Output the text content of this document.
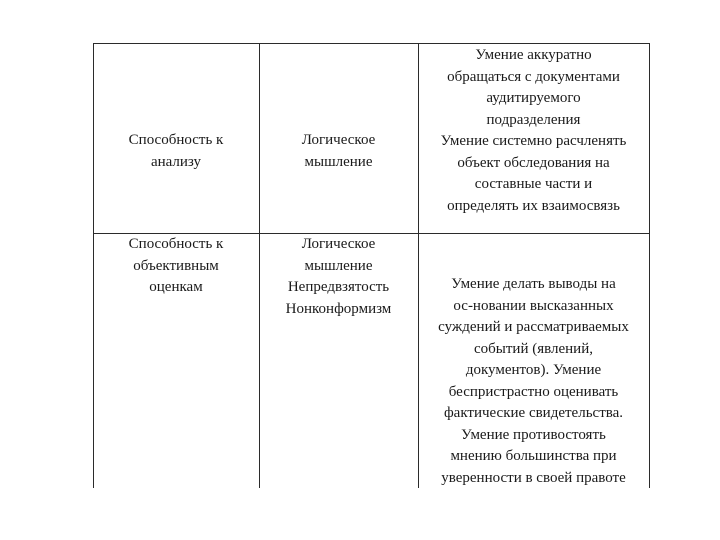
Способность к
анализу
Логическое
мышление
Умение аккуратно
обращаться с документами
аудитируемого
подразделения
Умение системно расчленять
объект обследования на
составные части и
определять их взаимосвязь
Способность к
объективным
оценкам
Логическое
мышление
Непредвзятость
Нонконформизм
Умение делать выводы на
ос-новании высказанных
суждений и рассматриваемых
событий (явлений,
документов). Умение
беспристрастно оценивать
фактические свидетельства.
Умение противостоять
мнению большинства при
уверенности в своей правоте
